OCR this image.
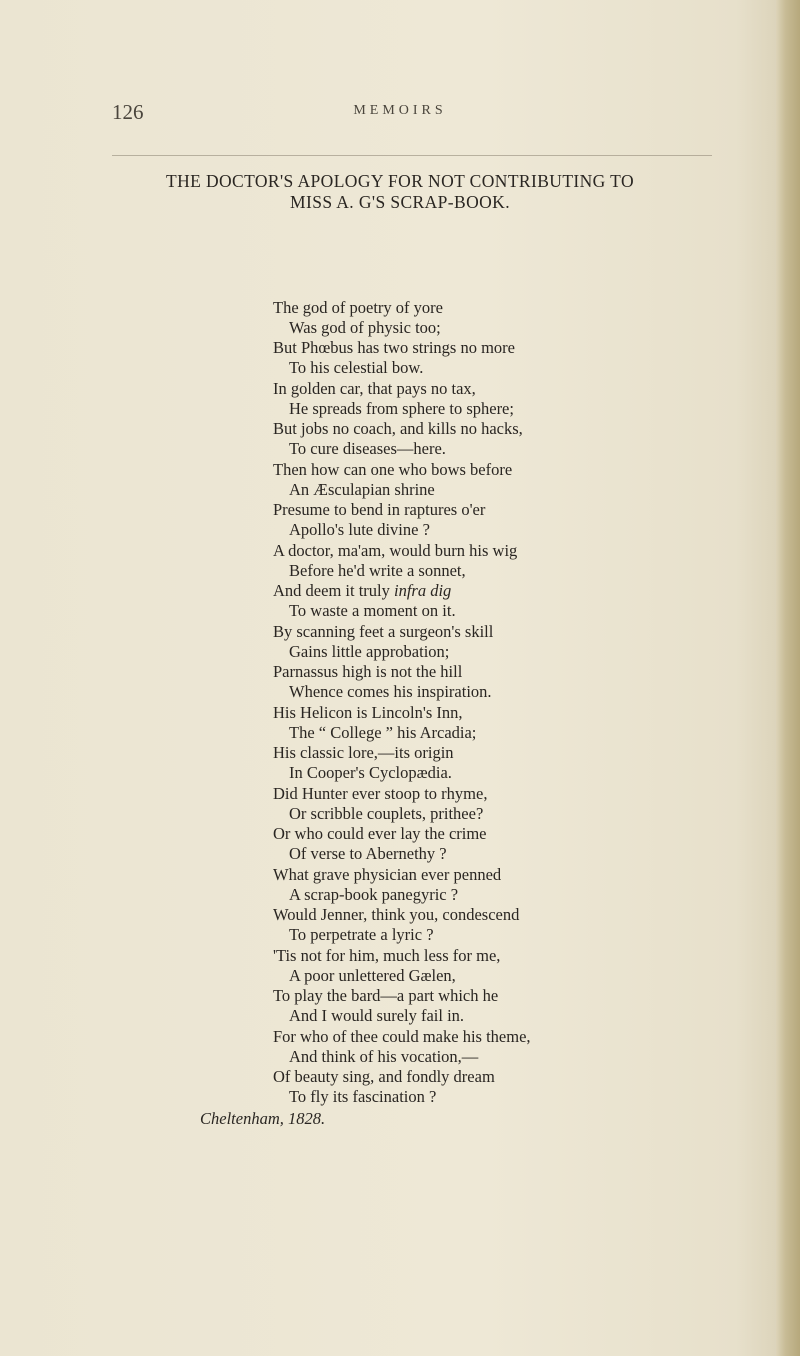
126	MEMOIRS
THE DOCTOR'S APOLOGY FOR NOT CONTRIBUTING TO
MISS A. G'S SCRAP-BOOK.
The god of poetry of yore
Was god of physic too;
But Phœbus has two strings no more
To his celestial bow.
In golden car, that pays no tax,
He spreads from sphere to sphere;
But jobs no coach, and kills no hacks,
To cure diseases—here.
Then how can one who bows before
An Æsculapian shrine
Presume to bend in raptures o'er
Apollo's lute divine ?
A doctor, ma'am, would burn his wig
Before he'd write a sonnet,
And deem it truly infra dig
To waste a moment on it.
By scanning feet a surgeon's skill
Gains little approbation;
Parnassus high is not the hill
Whence comes his inspiration.
His Helicon is Lincoln's Inn,
The “ College ” his Arcadia;
His classic lore,—its origin
In Cooper's Cyclopædia.
Did Hunter ever stoop to rhyme,
Or scribble couplets, prithee?
Or who could ever lay the crime
Of verse to Abernethy ?
What grave physician ever penned
A scrap-book panegyric ?
Would Jenner, think you, condescend
To perpetrate a lyric ?
'Tis not for him, much less for me,
A poor unlettered Gælen,
To play the bard—a part which he
And I would surely fail in.
For who of thee could make his theme,
And think of his vocation,—
Of beauty sing, and fondly dream
To fly its fascination ?
Cheltenham, 1828.
